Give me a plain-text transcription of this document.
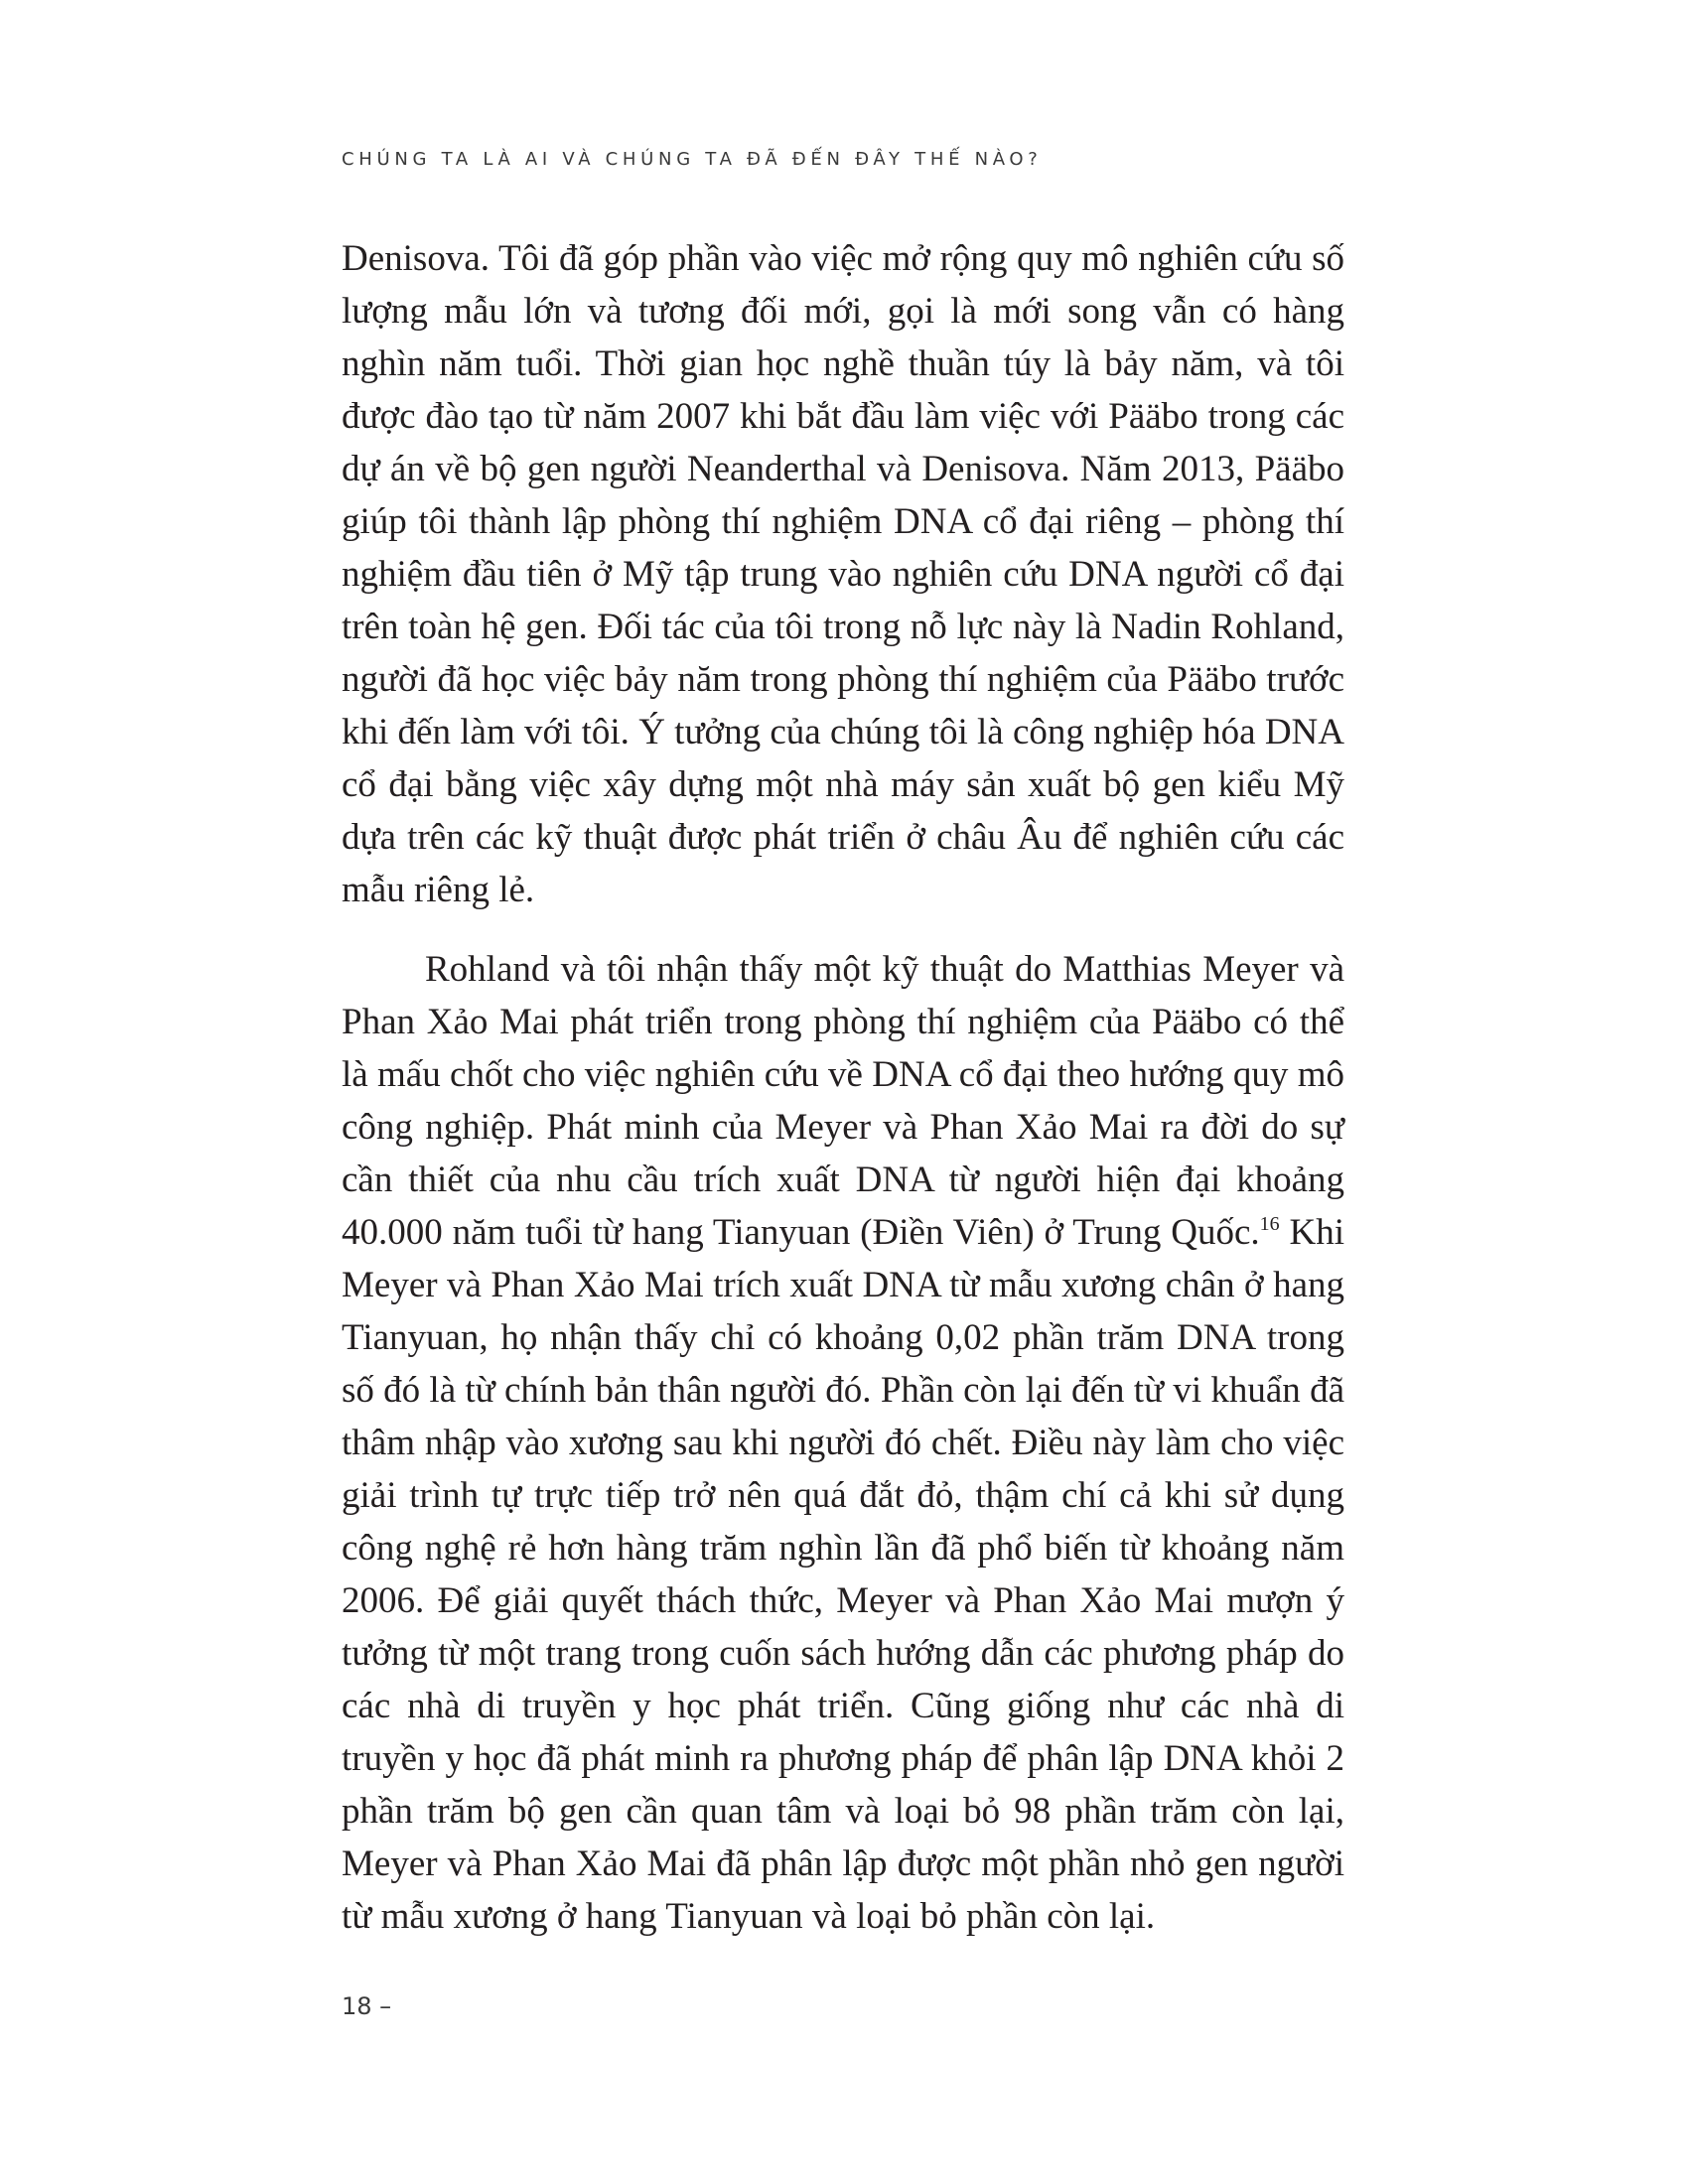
CHÚNG TA LÀ AI VÀ CHÚNG TA ĐÃ ĐẾN ĐÂY THẾ NÀO?

Denisova. Tôi đã góp phần vào việc mở rộng quy mô nghiên cứu số lượng mẫu lớn và tương đối mới, gọi là mới song vẫn có hàng nghìn năm tuổi. Thời gian học nghề thuần túy là bảy năm, và tôi được đào tạo từ năm 2007 khi bắt đầu làm việc với Pääbo trong các dự án về bộ gen người Neanderthal và Denisova. Năm 2013, Pääbo giúp tôi thành lập phòng thí nghiệm DNA cổ đại riêng – phòng thí nghiệm đầu tiên ở Mỹ tập trung vào nghiên cứu DNA người cổ đại trên toàn hệ gen. Đối tác của tôi trong nỗ lực này là Nadin Rohland, người đã học việc bảy năm trong phòng thí nghiệm của Pääbo trước khi đến làm với tôi. Ý tưởng của chúng tôi là công nghiệp hóa DNA cổ đại bằng việc xây dựng một nhà máy sản xuất bộ gen kiểu Mỹ dựa trên các kỹ thuật được phát triển ở châu Âu để nghiên cứu các mẫu riêng lẻ.

Rohland và tôi nhận thấy một kỹ thuật do Matthias Meyer và Phan Xảo Mai phát triển trong phòng thí nghiệm của Pääbo có thể là mấu chốt cho việc nghiên cứu về DNA cổ đại theo hướng quy mô công nghiệp. Phát minh của Meyer và Phan Xảo Mai ra đời do sự cần thiết của nhu cầu trích xuất DNA từ người hiện đại khoảng 40.000 năm tuổi từ hang Tianyuan (Điền Viên) ở Trung Quốc.$^{16}$ Khi Meyer và Phan Xảo Mai trích xuất DNA từ mẫu xương chân ở hang Tianyuan, họ nhận thấy chỉ có khoảng 0,02 phần trăm DNA trong số đó là từ chính bản thân người đó. Phần còn lại đến từ vi khuẩn đã thâm nhập vào xương sau khi người đó chết. Điều này làm cho việc giải trình tự trực tiếp trở nên quá đắt đỏ, thậm chí cả khi sử dụng công nghệ rẻ hơn hàng trăm nghìn lần đã phổ biến từ khoảng năm 2006. Để giải quyết thách thức, Meyer và Phan Xảo Mai mượn ý tưởng từ một trang trong cuốn sách hướng dẫn các phương pháp do các nhà di truyền y học phát triển. Cũng giống như các nhà di truyền y học đã phát minh ra phương pháp để phân lập DNA khỏi 2 phần trăm bộ gen cần quan tâm và loại bỏ 98 phần trăm còn lại, Meyer và Phan Xảo Mai đã phân lập được một phần nhỏ gen người từ mẫu xương ở hang Tianyuan và loại bỏ phần còn lại.

18 –
